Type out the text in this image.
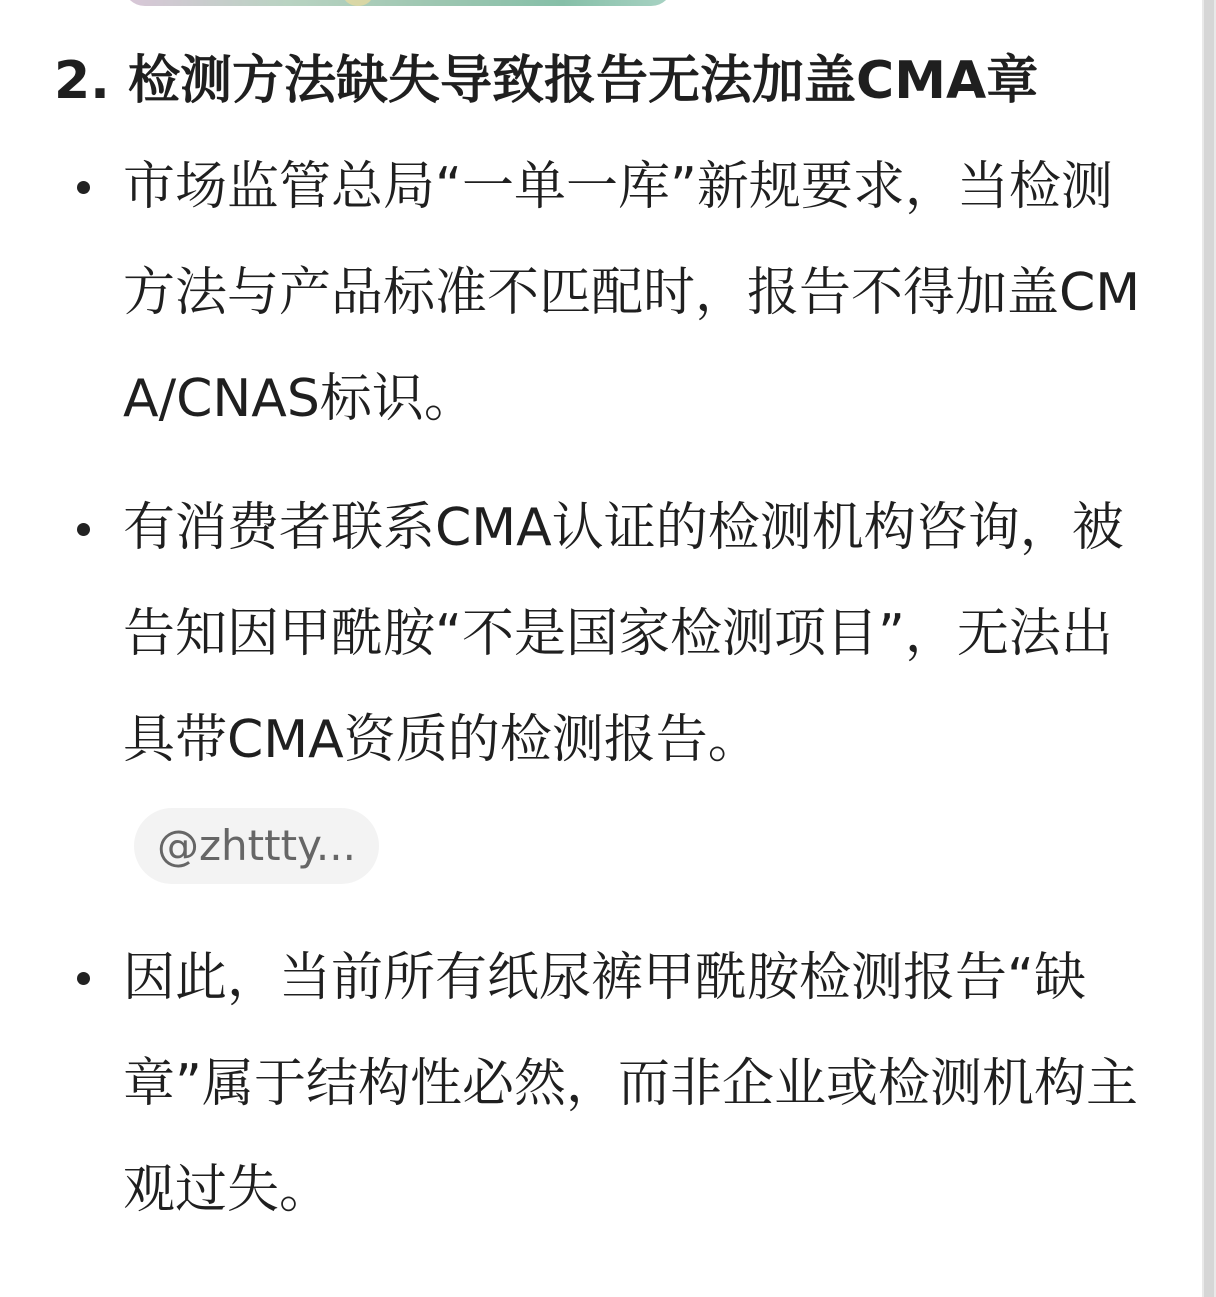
2. 检测方法缺失导致报告无法加盖CMA章
市场监管总局“一单一库”新规要求，当检测方法与产品标准不匹配时，报告不得加盖CMA/CNAS标识。
有消费者联系CMA认证的检测机构咨询，被告知因甲酰胺“不是国家检测项目”，无法出具带CMA资质的检测报告。
因此，当前所有纸尿裤甲酰胺检测报告“缺章”属于结构性必然，而非企业或检测机构主观过失。
@zhttty...
